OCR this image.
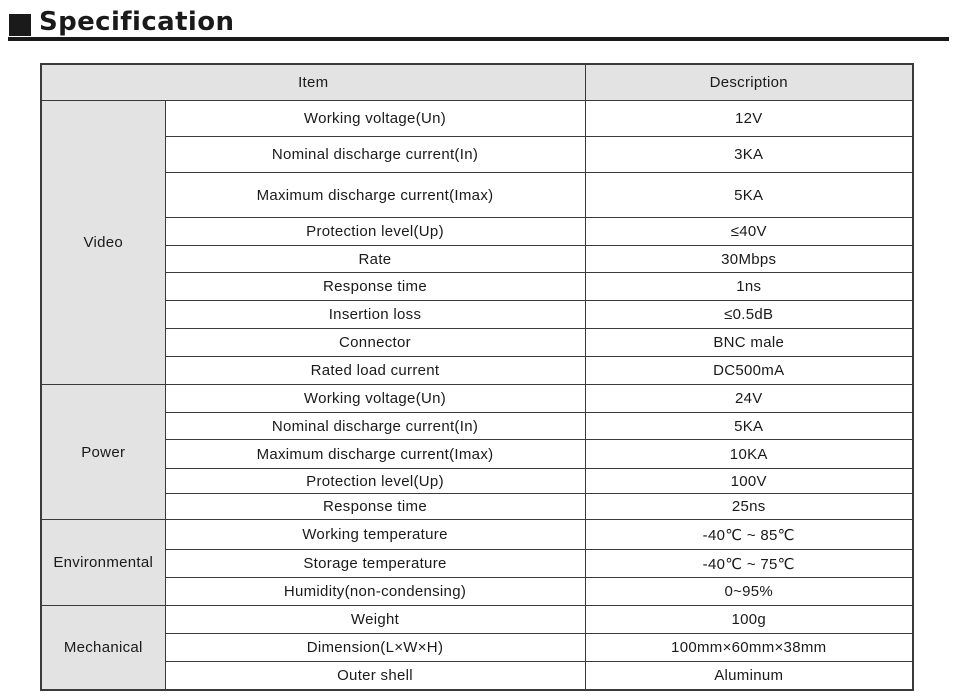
Specification
Item		Description
Video	Working voltage(Un)	12V
	Nominal discharge current(In)	3KA
	Maximum discharge current(Imax)	5KA
	Protection level(Up)	≤40V
	Rate	30Mbps
	Response time	1ns
	Insertion loss	≤0.5dB
	Connector	BNC male
	Rated load current	DC500mA
Power	Working voltage(Un)	24V
	Nominal discharge current(In)	5KA
	Maximum discharge current(Imax)	10KA
	Protection level(Up)	100V
	Response time	25ns
Environmental	Working temperature	-40℃ ~ 85℃
	Storage temperature	-40℃ ~ 75℃
	Humidity(non-condensing)	0~95%
Mechanical	Weight	100g
	Dimension(L×W×H)	100mm×60mm×38mm
	Outer shell	Aluminum
